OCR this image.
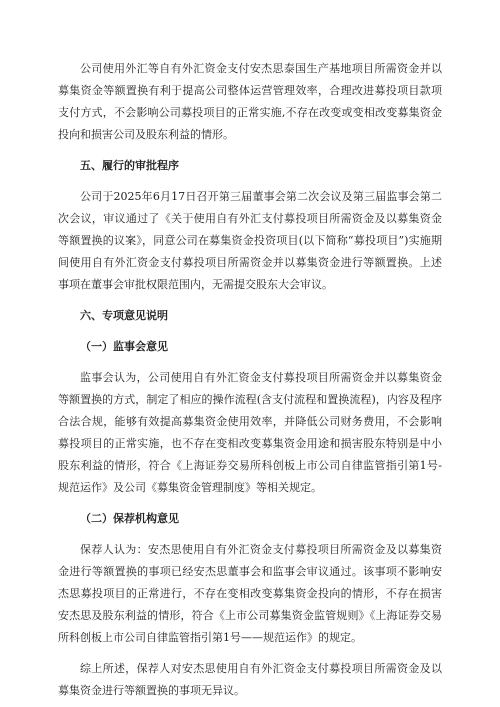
公司使用外汇等自有外汇资金支付安杰思泰国生产基地项目所需资金并以募集资金等额置换有利于提高公司整体运营管理效率，合理改进募投项目款项支付方式，不会影响公司募投项目的正常实施,不存在改变或变相改变募集资金投向和损害公司及股东利益的情形。

五、履行的审批程序

公司于2025年6月17日召开第三届董事会第二次会议及第三届监事会第二次会议，审议通过了《关于使用自有外汇支付募投项目所需资金及以募集资金等额置换的议案》，同意公司在募集资金投资项目(以下简称“募投项目”)实施期间使用自有外汇资金支付募投项目所需资金并以募集资金进行等额置换。上述事项在董事会审批权限范围内，无需提交股东大会审议。

六、专项意见说明

（一）监事会意见

监事会认为，公司使用自有外汇资金支付募投项目所需资金并以募集资金等额置换的方式，制定了相应的操作流程(含支付流程和置换流程)，内容及程序合法合规，能够有效提高募集资金使用效率，并降低公司财务费用，不会影响募投项目的正常实施，也不存在变相改变募集资金用途和损害股东特别是中小股东利益的情形，符合《上海证券交易所科创板上市公司自律监管指引第1号-规范运作》及公司《募集资金管理制度》等相关规定。

（二）保荐机构意见

保荐人认为：安杰思使用自有外汇资金支付募投项目所需资金及以募集资金进行等额置换的事项已经安杰思董事会和监事会审议通过。该事项不影响安杰思募投项目的正常进行，不存在变相改变募集资金投向的情形，不存在损害安杰思及股东利益的情形，符合《上市公司募集资金监管规则》《上海证券交易所科创板上市公司自律监管指引第1号——规范运作》的规定。

综上所述，保荐人对安杰思使用自有外汇资金支付募投项目所需资金及以募集资金进行等额置换的事项无异议。
